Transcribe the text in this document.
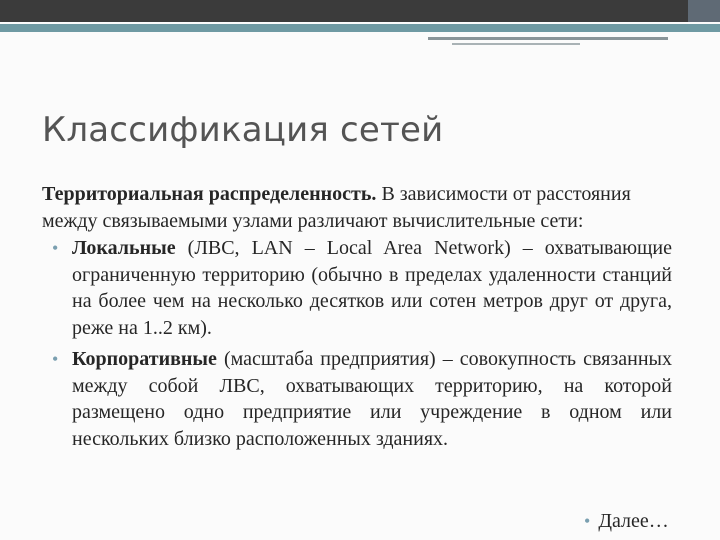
Классификация сетей

Территориальная распределенность. В зависимости от расстояния между связываемыми узлами различают вычислительные сети:

• Локальные (ЛВС, LAN – Local Area Network) – охватывающие ограниченную территорию (обычно в пределах удаленности станций на более чем на несколько десятков или сотен метров друг от друга, реже на 1..2 км).

• Корпоративные (масштаба предприятия) – совокупность связанных между собой ЛВС, охватывающих территорию, на которой размещено одно предприятие или учреждение в одном или нескольких близко расположенных зданиях.

• Далее…
